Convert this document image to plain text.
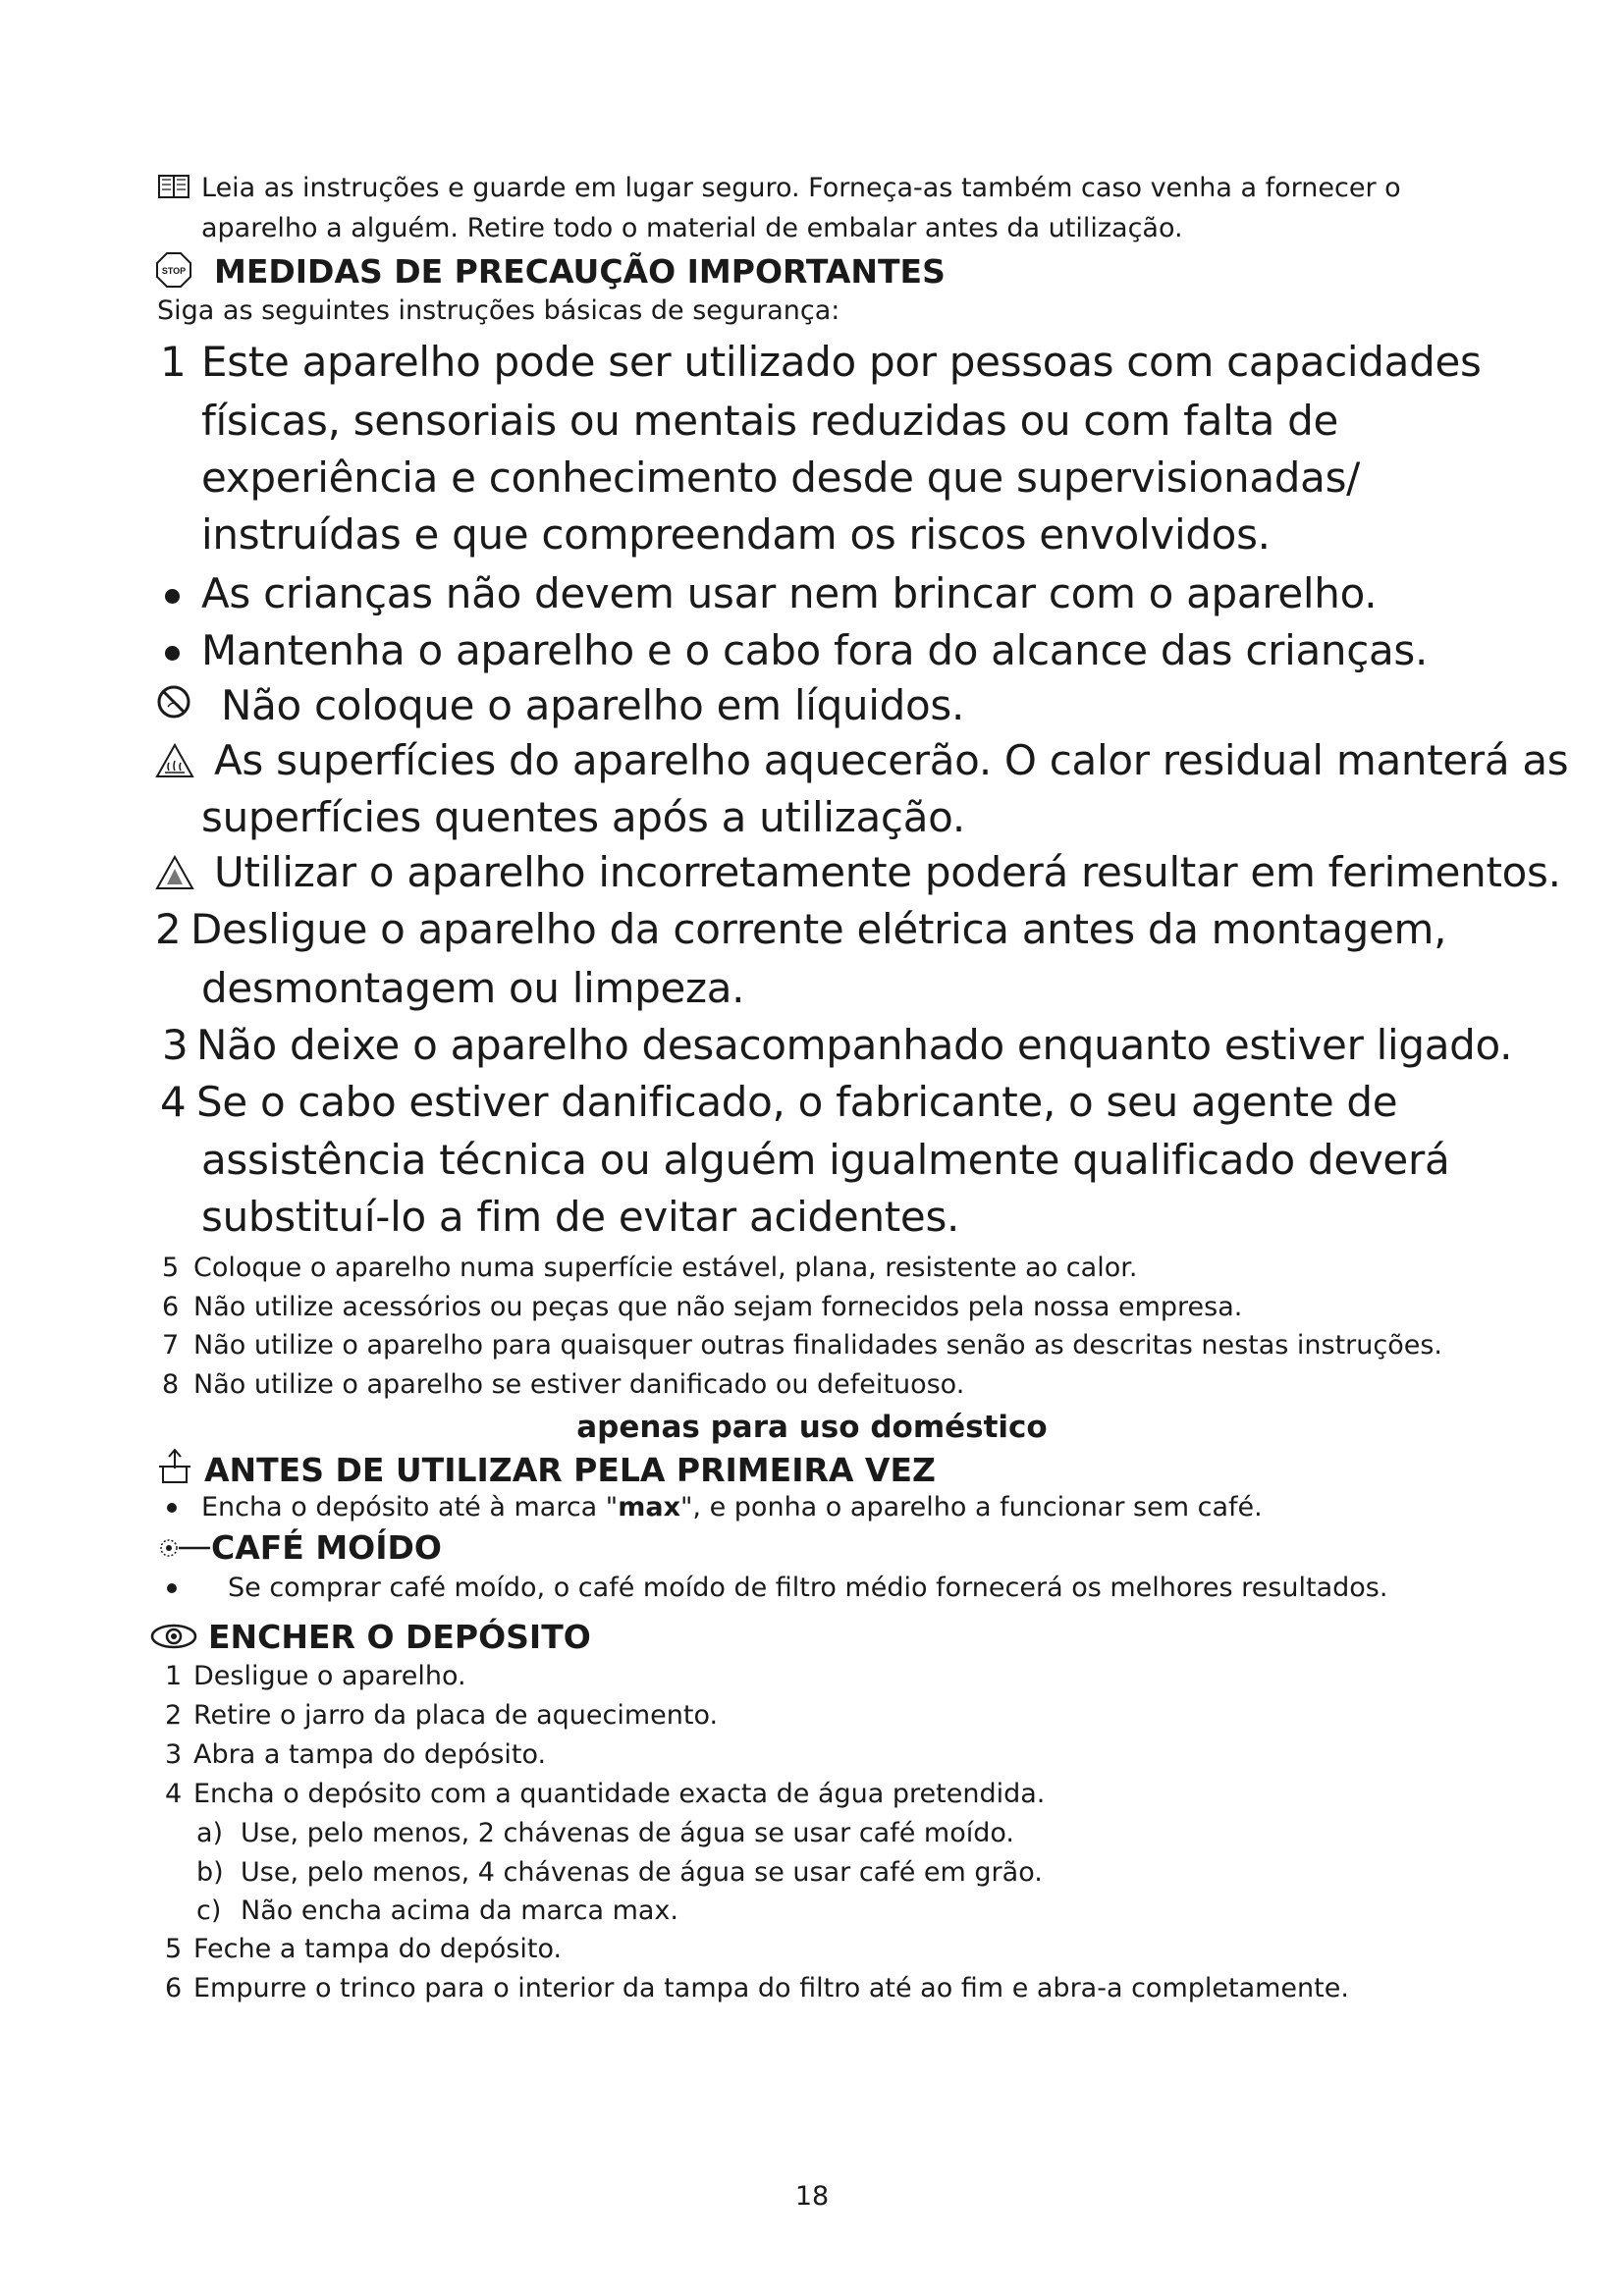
Leia as instruções e guarde em lugar seguro. Forneça-as também caso venha a fornecer o

aparelho a alguém. Retire todo o material de embalar antes da utilização.

STOP MEDIDAS DE PRECAUÇÃO IMPORTANTES

Siga as seguintes instruções básicas de segurança:

1 Este aparelho pode ser utilizado por pessoas com capacidades

físicas, sensoriais ou mentais reduzidas ou com falta de

experiência e conhecimento desde que supervisionadas/

instruídas e que compreendam os riscos envolvidos.

As crianças não devem usar nem brincar com o aparelho.

Mantenha o aparelho e o cabo fora do alcance das crianças.

Não coloque o aparelho em líquidos.

As superfícies do aparelho aquecerão. O calor residual manterá as

superfícies quentes após a utilização.

Utilizar o aparelho incorretamente poderá resultar em ferimentos.

2 Desligue o aparelho da corrente elétrica antes da montagem,

desmontagem ou limpeza.

3 Não deixe o aparelho desacompanhado enquanto estiver ligado.

4 Se o cabo estiver danificado, o fabricante, o seu agente de

assistência técnica ou alguém igualmente qualificado deverá

substituí-lo a fim de evitar acidentes.

5 Coloque o aparelho numa superfície estável, plana, resistente ao calor.

6 Não utilize acessórios ou peças que não sejam fornecidos pela nossa empresa.

7 Não utilize o aparelho para quaisquer outras finalidades senão as descritas nestas instruções.

8 Não utilize o aparelho se estiver danificado ou defeituoso.

apenas para uso doméstico

ANTES DE UTILIZAR PELA PRIMEIRA VEZ

Encha o depósito até à marca "max", e ponha o aparelho a funcionar sem café.

CAFÉ MOÍDO

Se comprar café moído, o café moído de filtro médio fornecerá os melhores resultados.

ENCHER O DEPÓSITO

1 Desligue o aparelho.

2 Retire o jarro da placa de aquecimento.

3 Abra a tampa do depósito.

4 Encha o depósito com a quantidade exacta de água pretendida.

a) Use, pelo menos, 2 chávenas de água se usar café moído.

b) Use, pelo menos, 4 chávenas de água se usar café em grão.

c) Não encha acima da marca max.

5 Feche a tampa do depósito.

6 Empurre o trinco para o interior da tampa do filtro até ao fim e abra-a completamente.

18
